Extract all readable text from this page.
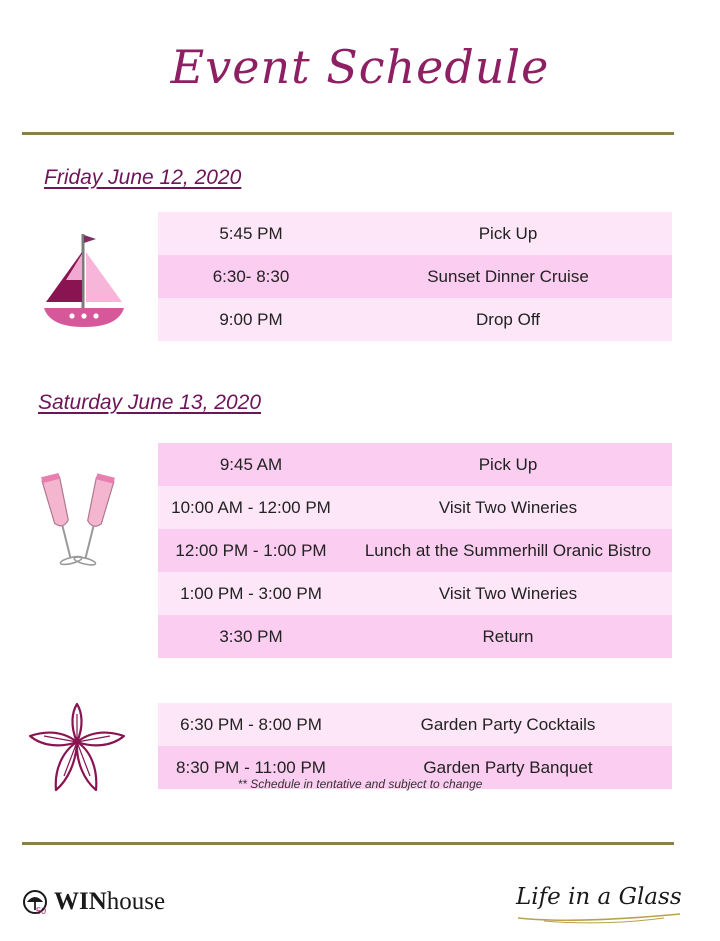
Event Schedule
Friday June 12, 2020
5:45 PM	Pick Up
6:30- 8:30	Sunset Dinner Cruise
9:00 PM	Drop Off
Saturday June 13, 2020
9:45 AM	Pick Up
10:00 AM - 12:00 PM	Visit Two Wineries
12:00 PM - 1:00 PM	Lunch at the Summerhill Oranic Bistro
1:00 PM - 3:00 PM	Visit Two Wineries
3:30 PM	Return
6:30 PM - 8:00 PM	Garden Party Cocktails
8:30 PM - 11:00 PM	Garden Party Banquet
** Schedule in tentative and subject to change
50 WIN house	Life in a Glass
